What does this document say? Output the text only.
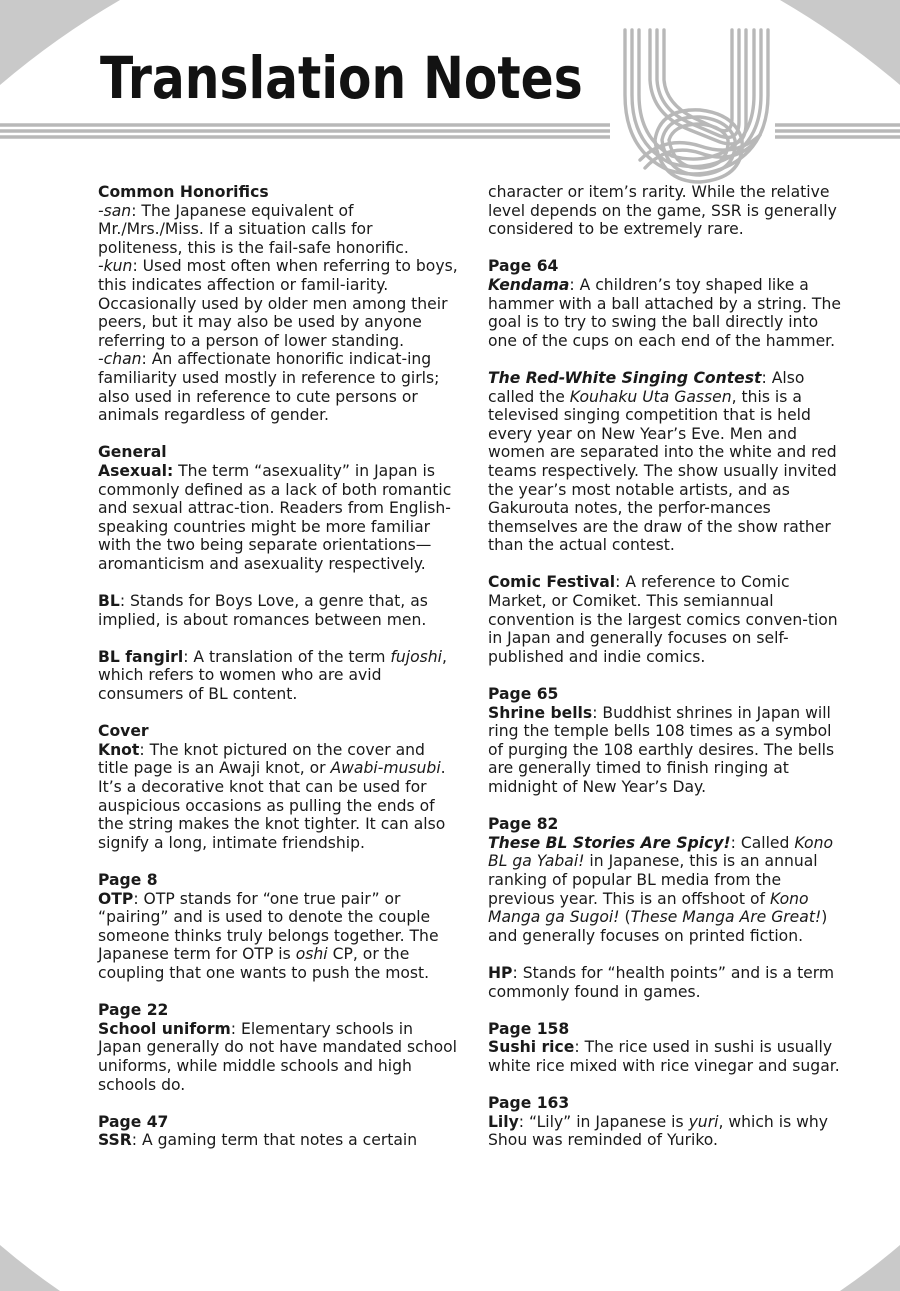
Translation Notes

Common Honorifics

-san: The Japanese equivalent of Mr./Mrs./Miss. If a situation calls for politeness, this is the fail-safe honorific.

-kun: Used most often when referring to boys, this indicates affection or famil-iarity. Occasionally used by older men among their peers, but it may also be used by anyone referring to a person of lower standing.

-chan: An affectionate honorific indicat-ing familiarity used mostly in reference to girls; also used in reference to cute persons or animals regardless of gender.

General

Asexual: The term “asexuality” in Japan is commonly defined as a lack of both romantic and sexual attrac-tion. Readers from English-speaking countries might be more familiar with the two being separate orientations—aromanticism and asexuality respectively.

BL: Stands for Boys Love, a genre that, as implied, is about romances between men.

BL fangirl: A translation of the term fujoshi, which refers to women who are avid consumers of BL content.

Cover

Knot: The knot pictured on the cover and title page is an Awaji knot, or Awabi-musubi. It’s a decorative knot that can be used for auspicious occasions as pulling the ends of the string makes the knot tighter. It can also signify a long, intimate friendship.

Page 8

OTP: OTP stands for “one true pair” or “pairing” and is used to denote the couple someone thinks truly belongs together. The Japanese term for OTP is oshi CP, or the coupling that one wants to push the most.

Page 22

School uniform: Elementary schools in Japan generally do not have mandated school uniforms, while middle schools and high schools do.

Page 47

SSR: A gaming term that notes a certain

character or item’s rarity. While the relative level depends on the game, SSR is generally considered to be extremely rare.

Page 64

Kendama: A children’s toy shaped like a hammer with a ball attached by a string. The goal is to try to swing the ball directly into one of the cups on each end of the hammer.

The Red-White Singing Contest: Also called the Kouhaku Uta Gassen, this is a televised singing competition that is held every year on New Year’s Eve. Men and women are separated into the white and red teams respectively. The show usually invited the year’s most notable artists, and as Gakurouta notes, the perfor-mances themselves are the draw of the show rather than the actual contest.

Comic Festival: A reference to Comic Market, or Comiket. This semiannual convention is the largest comics conven-tion in Japan and generally focuses on self-published and indie comics.

Page 65

Shrine bells: Buddhist shrines in Japan will ring the temple bells 108 times as a symbol of purging the 108 earthly desires. The bells are generally timed to finish ringing at midnight of New Year’s Day.

Page 82

These BL Stories Are Spicy!: Called Kono BL ga Yabai! in Japanese, this is an annual ranking of popular BL media from the previous year. This is an offshoot of Kono Manga ga Sugoi! (These Manga Are Great!) and generally focuses on printed fiction.

HP: Stands for “health points” and is a term commonly found in games.

Page 158

Sushi rice: The rice used in sushi is usually white rice mixed with rice vinegar and sugar.

Page 163

Lily: “Lily” in Japanese is yuri, which is why Shou was reminded of Yuriko.
